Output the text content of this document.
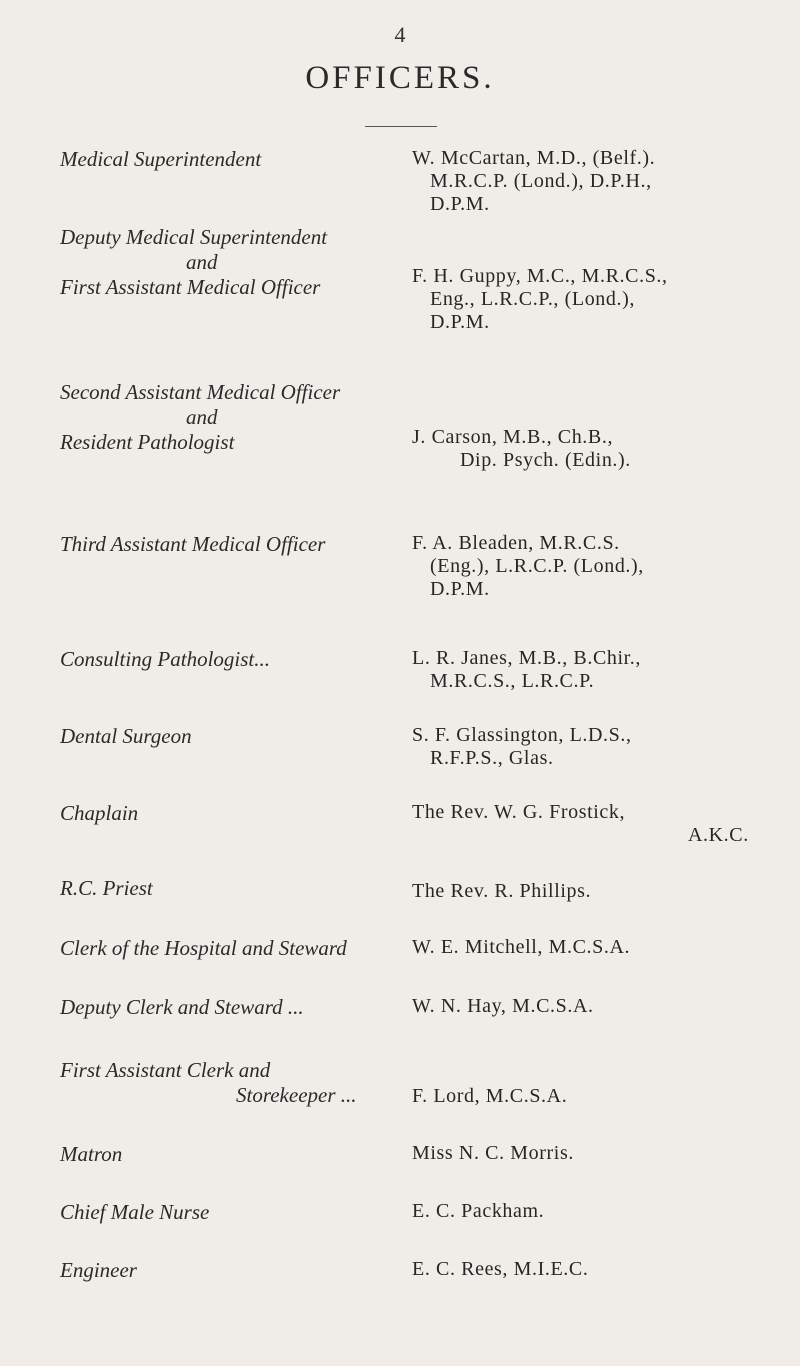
4
OFFICERS.
Medical Superintendent	W. McCartan, M.D., (Belf.).
M.R.C.P. (Lond.), D.P.H.,
D.P.M.
Deputy Medical Superintendent
and
First Assistant Medical Officer	F. H. Guppy, M.C., M.R.C.S.,
Eng., L.R.C.P., (Lond.),
D.P.M.
Second Assistant Medical Officer
and
Resident Pathologist	J. Carson, M.B., Ch.B.,
Dip. Psych. (Edin.).
Third Assistant Medical Officer	F. A. Bleaden, M.R.C.S.
(Eng.), L.R.C.P. (Lond.),
D.P.M.
Consulting Pathologist...	L. R. Janes, M.B., B.Chir.,
M.R.C.S., L.R.C.P.
Dental Surgeon	S. F. Glassington, L.D.S.,
R.F.P.S., Glas.
Chaplain	The Rev. W. G. Frostick,
A.K.C.
R.C. Priest	The Rev. R. Phillips.
Clerk of the Hospital and Steward	W. E. Mitchell, M.C.S.A.
Deputy Clerk and Steward ...	W. N. Hay, M.C.S.A.
First Assistant Clerk and
Storekeeper ...	F. Lord, M.C.S.A.
Matron	Miss N. C. Morris.
Chief Male Nurse	E. C. Packham.
Engineer	E. C. Rees, M.I.E.C.
